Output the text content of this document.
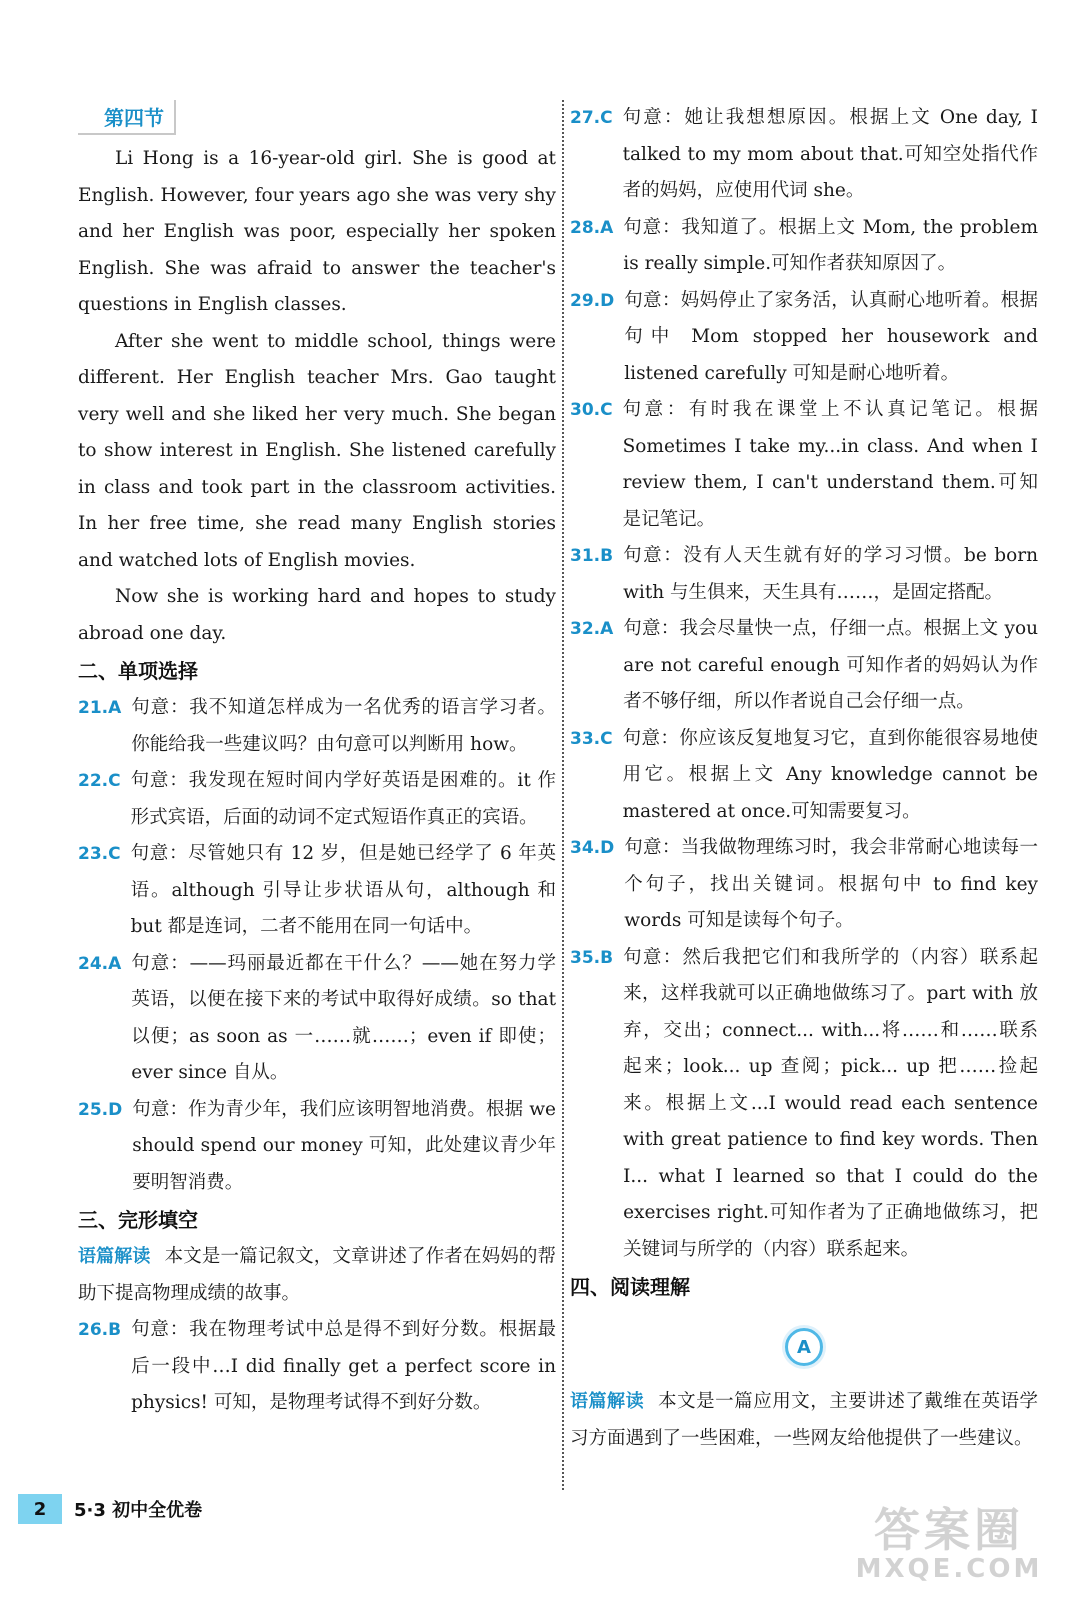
第四节

Li Hong is a 16-year-old girl. She is good at English. However, four years ago she was very shy and her English was poor, especially her spoken English. She was afraid to answer the teacher's questions in English classes.

After she went to middle school, things were different. Her English teacher Mrs. Gao taught very well and she liked her very much. She began to show interest in English. She listened carefully in class and took part in the classroom activities. In her free time, she read many English stories and watched lots of English movies.

Now she is working hard and hopes to study abroad one day.

二、单项选择
21.A 句意：我不知道怎样成为一名优秀的语言学习者。你能给我一些建议吗？由句意可以判断用 how。
22.C 句意：我发现在短时间内学好英语是困难的。it 作形式宾语，后面的动词不定式短语作真正的宾语。
23.C 句意：尽管她只有 12 岁，但是她已经学了 6 年英语。although 引导让步状语从句，although 和 but 都是连词，二者不能用在同一句话中。
24.A 句意：——玛丽最近都在干什么？——她在努力学英语，以便在接下来的考试中取得好成绩。so that 以便；as soon as 一……就……；even if 即使；ever since 自从。
25.D 句意：作为青少年，我们应该明智地消费。根据 we should spend our money 可知，此处建议青少年要明智消费。
三、完形填空

语篇解读 本文是一篇记叙文，文章讲述了作者在妈妈的帮助下提高物理成绩的故事。

26.B 句意：我在物理考试中总是得不到好分数。根据最后一段中…I did finally get a perfect score in physics! 可知，是物理考试得不到好分数。
27.C 句意：她让我想想原因。根据上文 One day, I talked to my mom about that.可知空处指代作者的妈妈，应使用代词 she。
28.A 句意：我知道了。根据上文 Mom, the problem is really simple.可知作者获知原因了。
29.D 句意：妈妈停止了家务活，认真耐心地听着。根据句中 Mom stopped her housework and listened carefully 可知是耐心地听着。
30.C 句意：有时我在课堂上不认真记笔记。根据 Sometimes I take my...in class. And when I review them, I can't understand them.可知是记笔记。
31.B 句意：没有人天生就有好的学习习惯。be born with 与生俱来，天生具有……，是固定搭配。
32.A 句意：我会尽量快一点，仔细一点。根据上文 you are not careful enough 可知作者的妈妈认为作者不够仔细，所以作者说自己会仔细一点。
33.C 句意：你应该反复地复习它，直到你能很容易地使用它。根据上文 Any knowledge cannot be mastered at once.可知需要复习。
34.D 句意：当我做物理练习时，我会非常耐心地读每一个句子，找出关键词。根据句中 to find key words 可知是读每个句子。
35.B 句意：然后我把它们和我所学的（内容）联系起来，这样我就可以正确地做练习了。part with 放弃，交出；connect... with...将……和……联系起来；look... up 查阅；pick... up 把……捡起来。根据上文...I would read each sentence with great patience to find key words. Then I... what I learned so that I could do the exercises right.可知作者为了正确地做练习，把关键词与所学的（内容）联系起来。
四、阅读理解
A

语篇解读 本文是一篇应用文，主要讲述了戴维在英语学习方面遇到了一些困难，一些网友给他提供了一些建议。

2	5·3 初中全优卷	答案圈
MXQE.COM
